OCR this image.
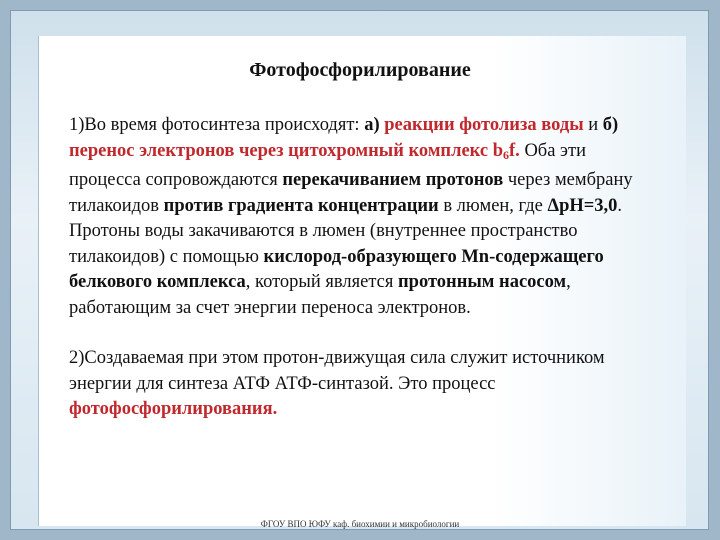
Фотофосфорилирование
1)Во время фотосинтеза происходят: а) реакции фотолиза воды и б) перенос электронов через цитохромный комплекс $b_6f$. Оба эти процесса сопровождаются перекачиванием протонов через мембрану тилакоидов против градиента концентрации в люмен, где ΔpH=3,0. Протоны воды закачиваются в люмен (внутреннее пространство тилакоидов) с помощью кислород-образующего Mn-содержащего белкового комплекса, который является протонным насосом, работающим за счет энергии переноса электронов.
2)Создаваемая при этом протон-движущая сила служит источником энергии для синтеза АТФ АТФ-синтазой. Это процесс фотофосфорилирования.
ФГОУ ВПО ЮФУ каф. биохимии и микробиологии
